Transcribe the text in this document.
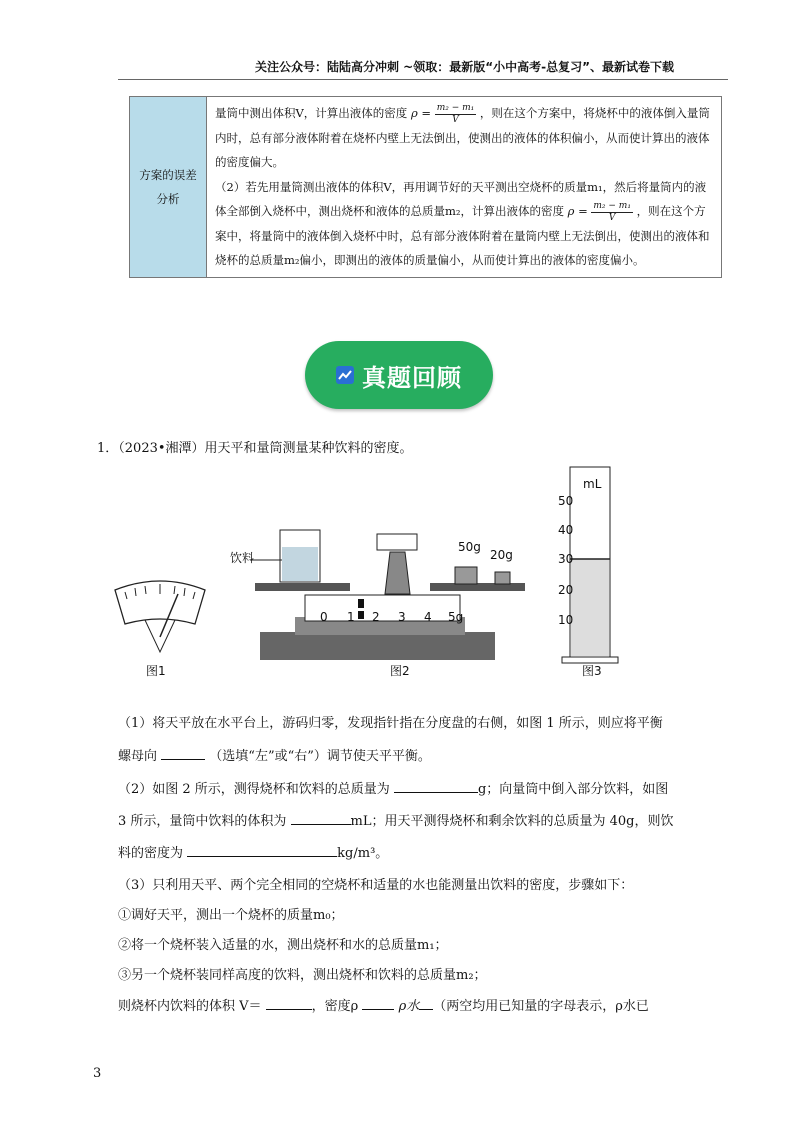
关注公众号：陆陆高分冲刺 ~领取：最新版“小中高考-总复习”、最新试卷下载
方案的误差分析	量筒中测出体积V，计算出液体的密度 $\rho = \frac{\text{m₂ − m₁}}{V}$ ，则在这个方案中，将烧杯中的液体倒入量筒内时，总有部分液体附着在烧杯内壁上无法倒出，使测出的液体的体积偏小，从而使计算出的液体的密度偏大。
（2）若先用量筒测出液体的体积V，再用调节好的天平测出空烧杯的质量m₁，然后将量筒内的液体全部倒入烧杯中，测出烧杯和液体的总质量m₂，计算出液体的密度 $\rho = \frac{\text{m₂ − m₁}}{V}$ ，则在这个方案中，将量筒中的液体倒入烧杯中时，总有部分液体附着在量筒内壁上无法倒出，使测出的液体和烧杯的总质量m₂偏小，即测出的液体的质量偏小，从而使计算出的液体的密度偏小。
真题回顾
1．（2023•湘潭）用天平和量筒测量某种饮料的密度。
饮料
50g
20g
mL
0 1 2 3 4 5g
50
40
30
20
10
图1	图2	图3
（1）将天平放在水平台上，游码归零，发现指针指在分度盘的右侧，如图 1 所示，则应将平衡
螺母向	（选填“左”或“右”）调节使天平平衡。
（2）如图 2 所示，测得烧杯和饮料的总质量为	g；向量筒中倒入部分饮料，如图
3 所示，量筒中饮料的体积为	mL；用天平测得烧杯和剩余饮料的总质量为 40g，则饮
料的密度为	kg/m³。
（3）只利用天平、两个完全相同的空烧杯和适量的水也能测量出饮料的密度，步骤如下：
①调好天平，测出一个烧杯的质量m₀；
②将一个烧杯装入适量的水，测出烧杯和水的总质量m₁；
③另一个烧杯装同样高度的饮料，测出烧杯和饮料的总质量m₂；
则烧杯内饮料的体积 V＝	，密度ρ	ρ水 （两空均用已知量的字母表示，ρ水已
3
